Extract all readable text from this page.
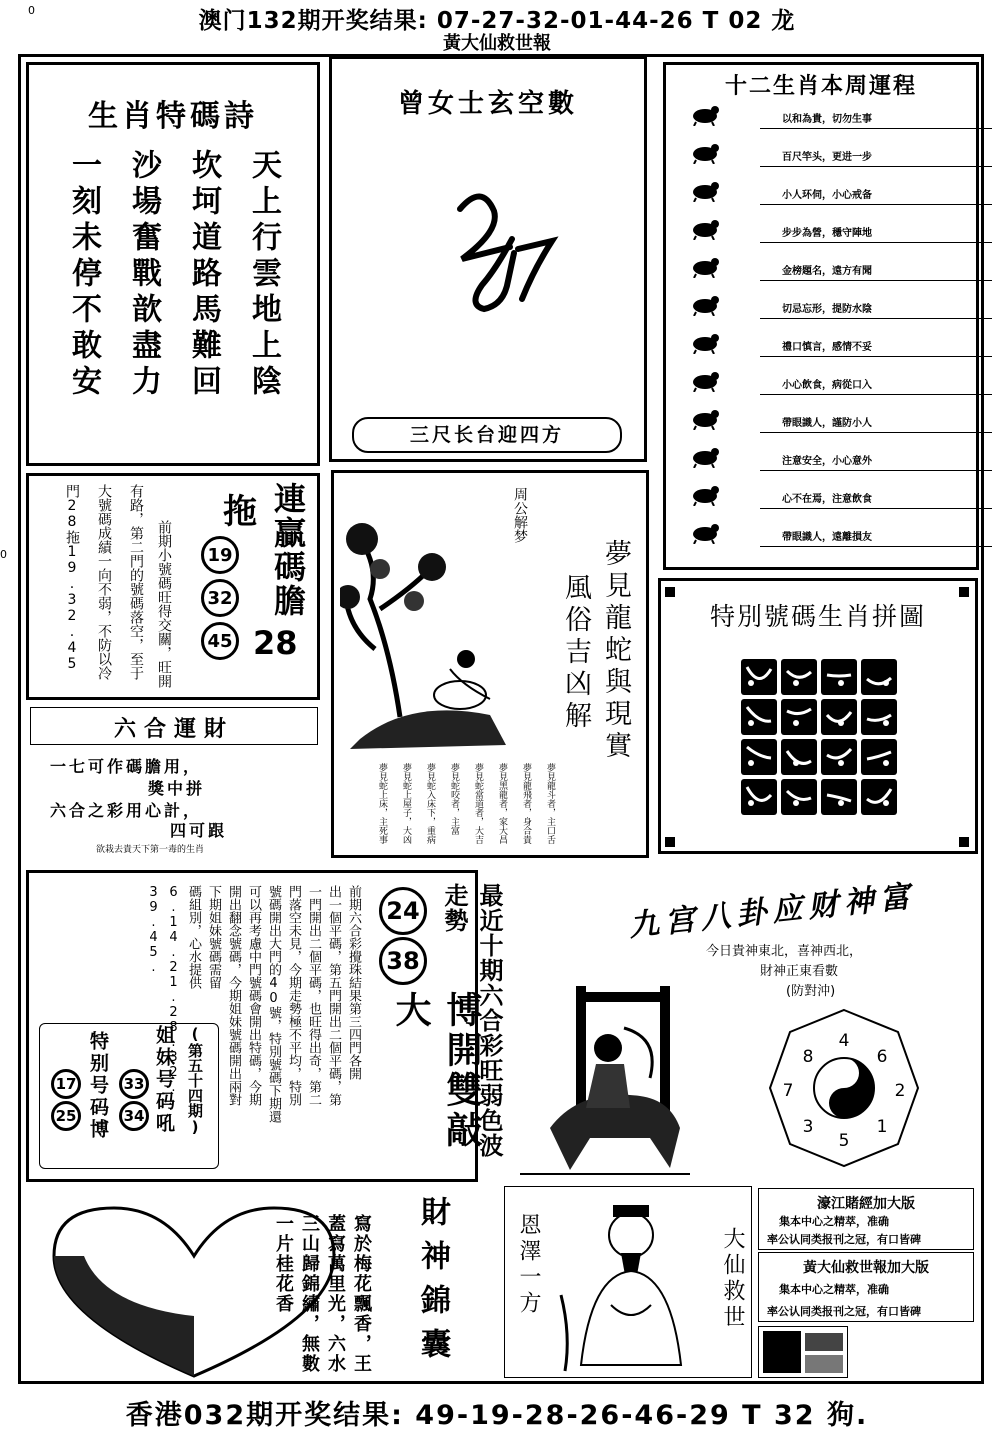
0
0
澳门132期开奖结果: 07-27-32-01-44-26 T 02 龙
黃大仙救世報
生肖特碼詩
一刻未停不敢安 沙場奮戰歆盡力 坎坷道路馬難回 天上行雲地上陰
曾女士玄空數
26 27
三尺长台迎四方
十二生肖本周運程
以和為貴，切勿生事
百尺竿头，更进一步
小人环伺，小心戒备
步步為營，穩守陣地
金榜題名，遠方有聞
切忌忘形，提防水陰
禮口慎言，感情不妥
小心飲食，病從口入
帶眼識人，謹防小人
注意安全，小心意外
心不在焉，注意飲食
帶眼識人，遠離損友
拖 連贏碼膽
28
19
32
45
前期小號碼旺得交關，旺開
有路，第二門的號碼落空，至于
大號碼成績一向不弱，不防以冷
門28拖19.32.45
六合運財
一七可作碼膽用，
獎中拼
六合之彩用心計，
四可跟
欲栽去貴天下第一毒的生肖
周公解梦
夢見龍蛇與現實
風俗吉凶解
夢見龍斗者，主口舌
夢見龍飛者，身合貴
夢見黑龍者，家大昌
夢見蛇當道者，大吉
夢見蛇咬者，主富
夢見蛇入床下，重病
夢見蛇上屋子，大凶
夢見蛇上床，主死事
特別號碼生肖拼圖
24
38	最近十期六合彩旺弱色波走勢
博開雙敲大
前期六合彩攪珠結果第三四門各開
出一個平碼，第五門開出二個平碼，第
一門開出二個平碼，也旺得出奇，第二
門落空未見，今期走勢極不平均，特別
號碼開出大門的40號，特別號碼下期還
可以再考慮中門號碼會開出特碼，今期
開出翻念號碼，今期姐妹號碼開出兩對
下期姐妹號碼需留
碼組別，心水提供
6.14.21.28.32.
39.45.
(第五十四期)
姐妹号码吼
33
34
特别号码博
17
25
九宫八卦应财神富
今日貴神東北，喜神西北，
財神正東看數
(防對沖)
4
6
2
1
5
3
7
8
寫於梅花飄香，王蓋寫萬里光，六水三山歸錦繡，無數一片桂花香	財神錦囊	恩澤一方	大仙救世
濠江賭經加大版
集本中心之精萃，准确
率公认同类报刊之冠，有口皆碑
黃大仙救世報加大版
集本中心之精萃，准确
率公认同类报刊之冠，有口皆碑
香港032期开奖结果: 49-19-28-26-46-29 T 32 狗.
